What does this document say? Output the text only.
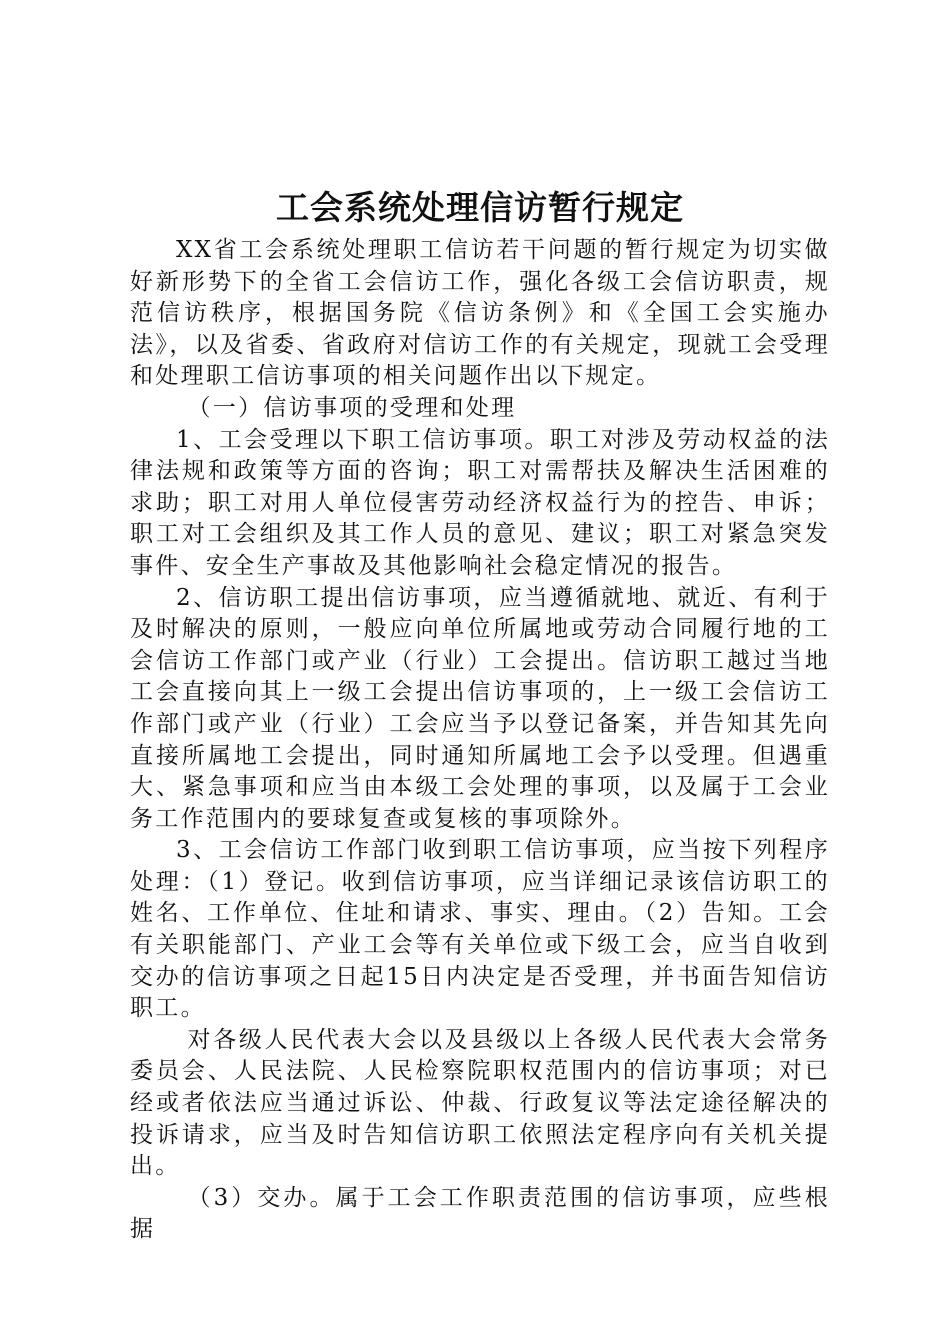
工会系统处理信访暂行规定

XX省工会系统处理职工信访若干问题的暂行规定为切实做好新形势下的全省工会信访工作，强化各级工会信访职责，规范信访秩序，根据国务院《信访条例》和《全国工会实施办法》，以及省委、省政府对信访工作的有关规定，现就工会受理和处理职工信访事项的相关问题作出以下规定。

（一）信访事项的受理和处理

1、工会受理以下职工信访事项。职工对涉及劳动权益的法律法规和政策等方面的咨询；职工对需帮扶及解决生活困难的求助；职工对用人单位侵害劳动经济权益行为的控告、申诉；职工对工会组织及其工作人员的意见、建议；职工对紧急突发事件、安全生产事故及其他影响社会稳定情况的报告。

2、信访职工提出信访事项，应当遵循就地、就近、有利于及时解决的原则，一般应向单位所属地或劳动合同履行地的工会信访工作部门或产业（行业）工会提出。信访职工越过当地工会直接向其上一级工会提出信访事项的，上一级工会信访工作部门或产业（行业）工会应当予以登记备案，并告知其先向直接所属地工会提出，同时通知所属地工会予以受理。但遇重大、紧急事项和应当由本级工会处理的事项，以及属于工会业务工作范围内的要球复查或复核的事项除外。

3、工会信访工作部门收到职工信访事项，应当按下列程序处理：（1）登记。收到信访事项，应当详细记录该信访职工的姓名、工作单位、住址和请求、事实、理由。（2）告知。工会有关职能部门、产业工会等有关单位或下级工会，应当自收到交办的信访事项之日起15日内决定是否受理，并书面告知信访职工。

对各级人民代表大会以及县级以上各级人民代表大会常务委员会、人民法院、人民检察院职权范围内的信访事项；对已经或者依法应当通过诉讼、仲裁、行政复议等法定途径解决的投诉请求，应当及时告知信访职工依照法定程序向有关机关提出。

（3）交办。属于工会工作职责范围的信访事项，应些根据
